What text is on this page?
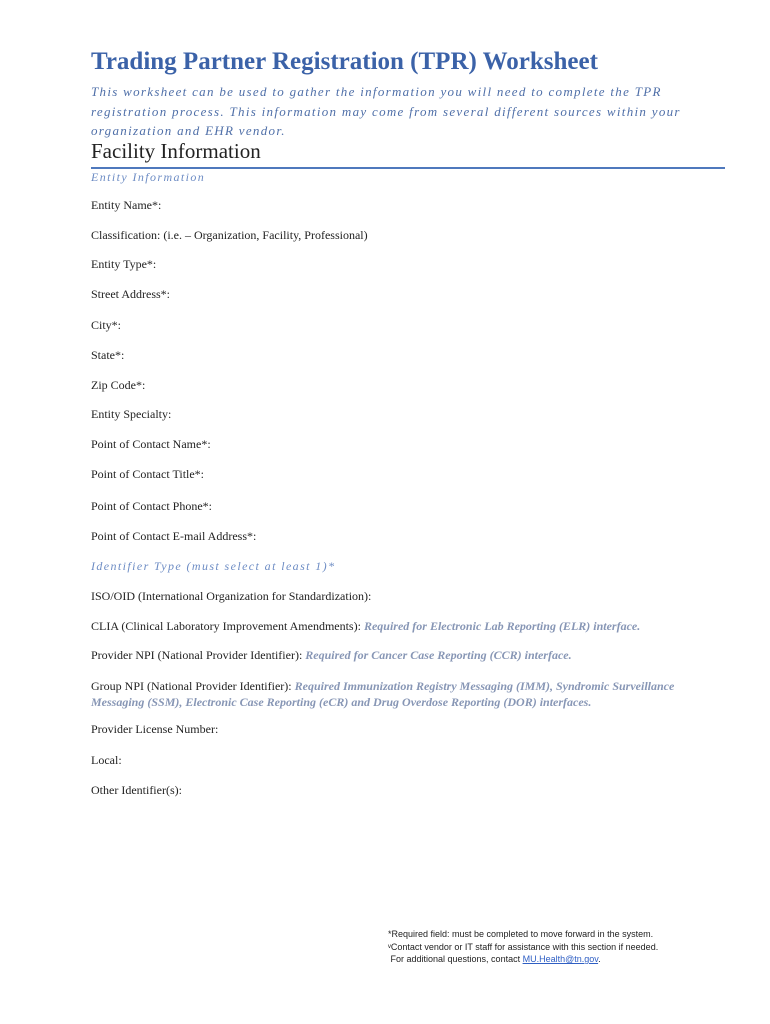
Trading Partner Registration (TPR) Worksheet
This worksheet can be used to gather the information you will need to complete the TPR registration process. This information may come from several different sources within your organization and EHR vendor.
Facility Information
Entity Information
Entity Name*:
Classification: (i.e. – Organization, Facility, Professional)
Entity Type*:
Street Address*:
City*:
State*:
Zip Code*:
Entity Specialty:
Point of Contact Name*:
Point of Contact Title*:
Point of Contact Phone*:
Point of Contact E-mail Address*:
Identifier Type (must select at least 1)*
ISO/OID (International Organization for Standardization):
CLIA (Clinical Laboratory Improvement Amendments): Required for Electronic Lab Reporting (ELR) interface.
Provider NPI (National Provider Identifier): Required for Cancer Case Reporting (CCR) interface.
Group NPI (National Provider Identifier): Required Immunization Registry Messaging (IMM), Syndromic Surveillance Messaging (SSM), Electronic Case Reporting (eCR) and Drug Overdose Reporting (DOR) interfaces.
Provider License Number:
Local:
Other Identifier(s):
*Required field: must be completed to move forward in the system.
ᵛContact vendor or IT staff for assistance with this section if needed.
For additional questions, contact MU.Health@tn.gov.
